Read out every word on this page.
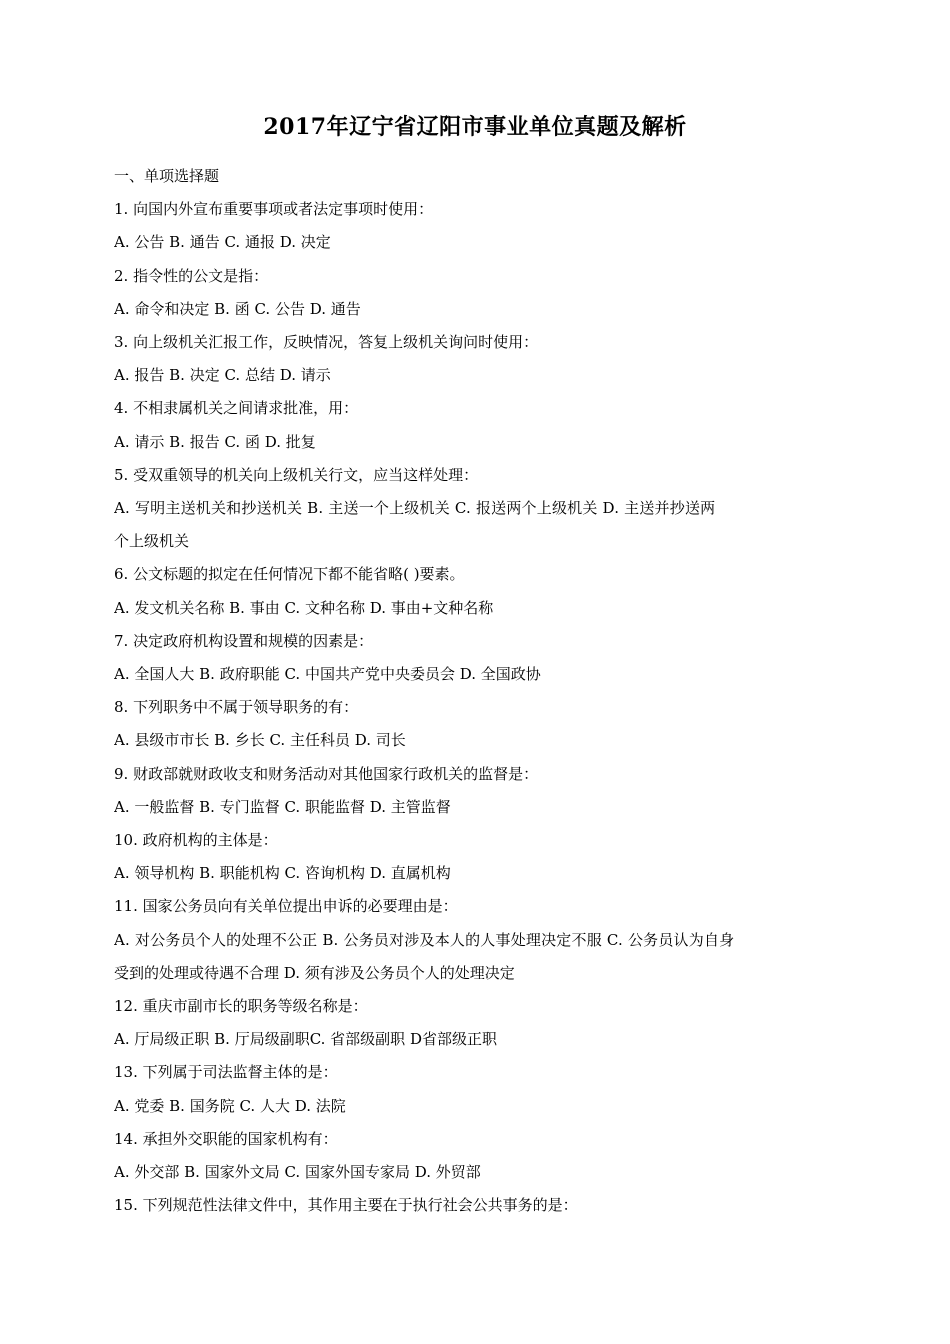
2017年辽宁省辽阳市事业单位真题及解析
一、单项选择题
1. 向国内外宣布重要事项或者法定事项时使用：
A. 公告 B. 通告 C. 通报 D. 决定
2. 指令性的公文是指：
A. 命令和决定 B. 函 C. 公告 D. 通告
3. 向上级机关汇报工作，反映情况，答复上级机关询问时使用：
A. 报告 B. 决定 C. 总结 D. 请示
4. 不相隶属机关之间请求批准，用：
A. 请示 B. 报告 C. 函 D. 批复
5. 受双重领导的机关向上级机关行文，应当这样处理：
A. 写明主送机关和抄送机关 B. 主送一个上级机关 C. 报送两个上级机关 D. 主送并抄送两
个上级机关
6. 公文标题的拟定在任何情况下都不能省略( )要素。
A. 发文机关名称 B. 事由 C. 文种名称 D. 事由+文种名称
7. 决定政府机构设置和规模的因素是：
A. 全国人大 B. 政府职能 C. 中国共产党中央委员会 D. 全国政协
8. 下列职务中不属于领导职务的有：
A. 县级市市长 B. 乡长 C. 主任科员 D. 司长
9. 财政部就财政收支和财务活动对其他国家行政机关的监督是：
A. 一般监督 B. 专门监督 C. 职能监督 D. 主管监督
10. 政府机构的主体是：
A. 领导机构 B. 职能机构 C. 咨询机构 D. 直属机构
11. 国家公务员向有关单位提出申诉的必要理由是：
A. 对公务员个人的处理不公正 B. 公务员对涉及本人的人事处理决定不服 C. 公务员认为自身
受到的处理或待遇不合理 D. 须有涉及公务员个人的处理决定
12. 重庆市副市长的职务等级名称是：
A. 厅局级正职 B. 厅局级副职C. 省部级副职 D省部级正职
13. 下列属于司法监督主体的是：
A. 党委 B. 国务院 C. 人大 D. 法院
14. 承担外交职能的国家机构有：
A. 外交部 B. 国家外文局 C. 国家外国专家局 D. 外贸部
15. 下列规范性法律文件中，其作用主要在于执行社会公共事务的是：
